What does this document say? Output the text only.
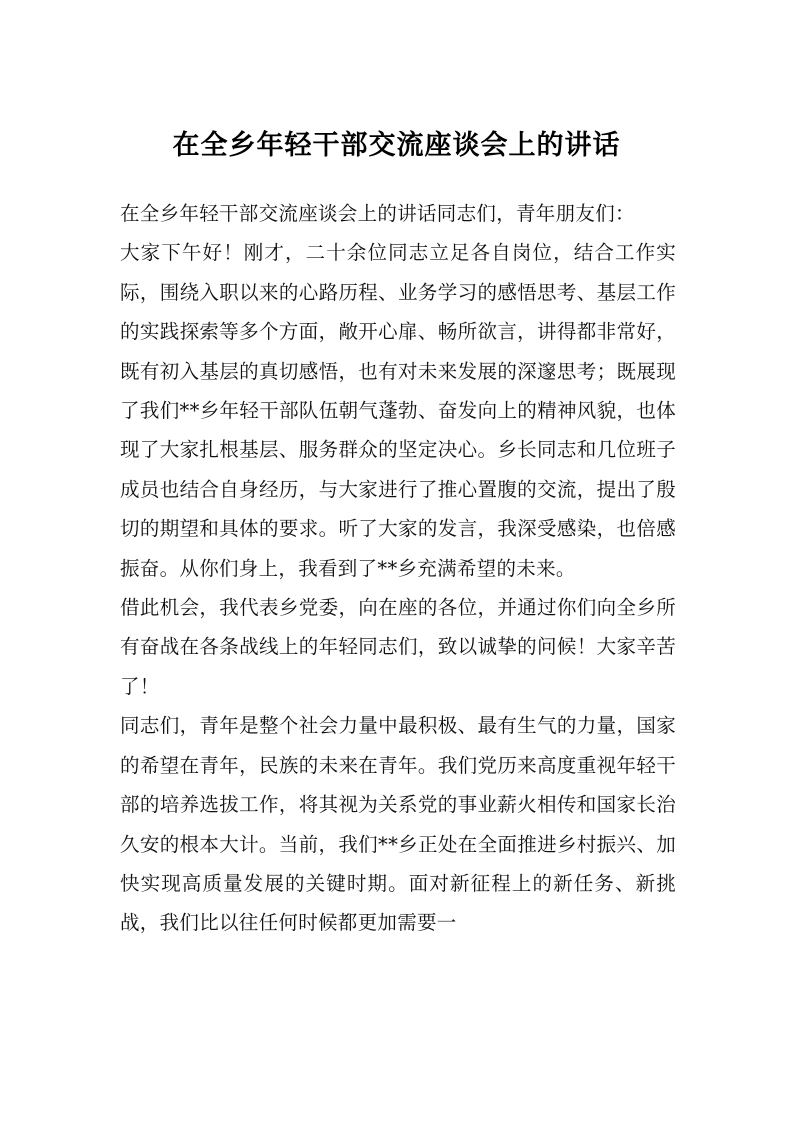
在全乡年轻干部交流座谈会上的讲话

在全乡年轻干部交流座谈会上的讲话同志们，青年朋友们：

大家下午好！刚才，二十余位同志立足各自岗位，结合工作实际，围绕入职以来的心路历程、业务学习的感悟思考、基层工作的实践探索等多个方面，敞开心扉、畅所欲言，讲得都非常好，既有初入基层的真切感悟，也有对未来发展的深邃思考；既展现了我们**乡年轻干部队伍朝气蓬勃、奋发向上的精神风貌，也体现了大家扎根基层、服务群众的坚定决心。乡长同志和几位班子成员也结合自身经历，与大家进行了推心置腹的交流，提出了殷切的期望和具体的要求。听了大家的发言，我深受感染，也倍感振奋。从你们身上，我看到了**乡充满希望的未来。

借此机会，我代表乡党委，向在座的各位，并通过你们向全乡所有奋战在各条战线上的年轻同志们，致以诚挚的问候！大家辛苦了！

同志们，青年是整个社会力量中最积极、最有生气的力量，国家的希望在青年，民族的未来在青年。我们党历来高度重视年轻干部的培养选拔工作，将其视为关系党的事业薪火相传和国家长治久安的根本大计。当前，我们**乡正处在全面推进乡村振兴、加快实现高质量发展的关键时期。面对新征程上的新任务、新挑战，我们比以往任何时候都更加需要一
